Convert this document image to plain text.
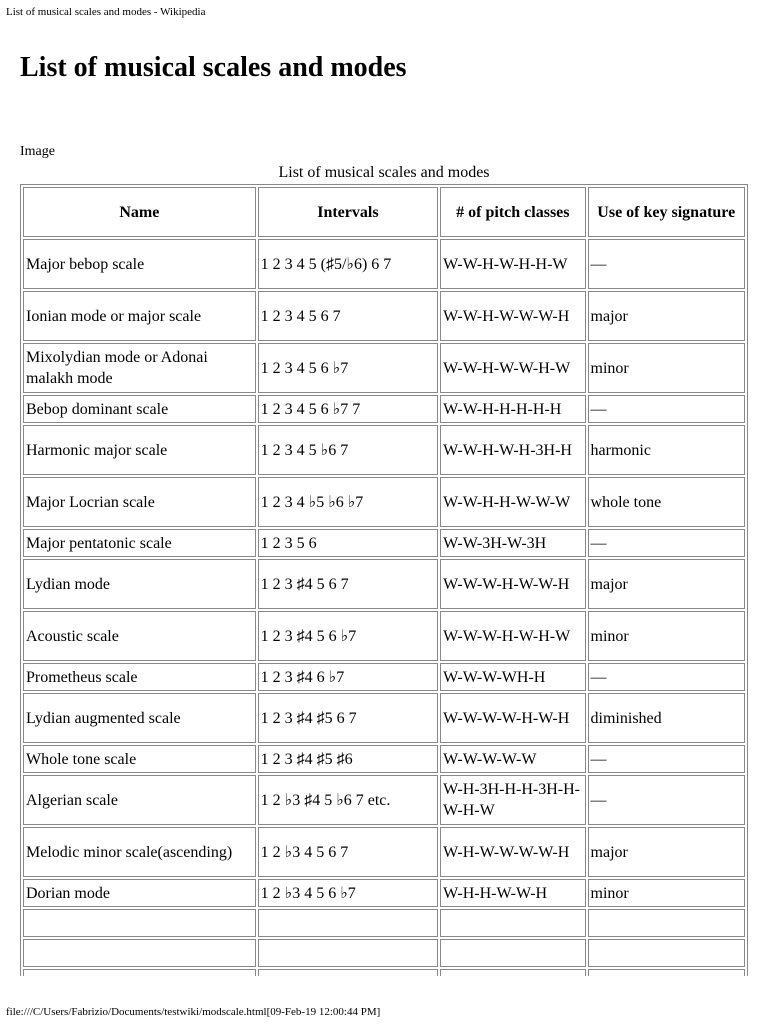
List of musical scales and modes - Wikipedia
List of musical scales and modes
Image
List of musical scales and modes
Name	Intervals	# of pitch classes	Use of key signature
Major bebop scale	1 2 3 4 5 (♯5/♭6) 6 7	W-W-H-W-H-H-W	—
Ionian mode or major scale	1 2 3 4 5 6 7	W-W-H-W-W-W-H	major
Mixolydian mode or Adonai malakh mode	1 2 3 4 5 6 ♭7	W-W-H-W-W-H-W	minor
Bebop dominant scale	1 2 3 4 5 6 ♭7 7	W-W-H-H-H-H-H	—
Harmonic major scale	1 2 3 4 5 ♭6 7	W-W-H-W-H-3H-H	harmonic
Major Locrian scale	1 2 3 4 ♭5 ♭6 ♭7	W-W-H-H-W-W-W	whole tone
Major pentatonic scale	1 2 3 5 6	W-W-3H-W-3H	—
Lydian mode	1 2 3 ♯4 5 6 7	W-W-W-H-W-W-H	major
Acoustic scale	1 2 3 ♯4 5 6 ♭7	W-W-W-H-W-H-W	minor
Prometheus scale	1 2 3 ♯4 6 ♭7	W-W-W-WH-H	—
Lydian augmented scale	1 2 3 ♯4 ♯5 6 7	W-W-W-W-H-W-H	diminished
Whole tone scale	1 2 3 ♯4 ♯5 ♯6	W-W-W-W-W	—
Algerian scale	1 2 ♭3 ♯4 5 ♭6 7 etc.	W-H-3H-H-H-3H-H-W-H-W	—
Melodic minor scale(ascending)	1 2 ♭3 4 5 6 7	W-H-W-W-W-W-H	major
Dorian mode	1 2 ♭3 4 5 6 ♭7	W-H-H-W-W-H	minor

file:///C/Users/Fabrizio/Documents/testwiki/modscale.html[09-Feb-19 12:00:44 PM]
